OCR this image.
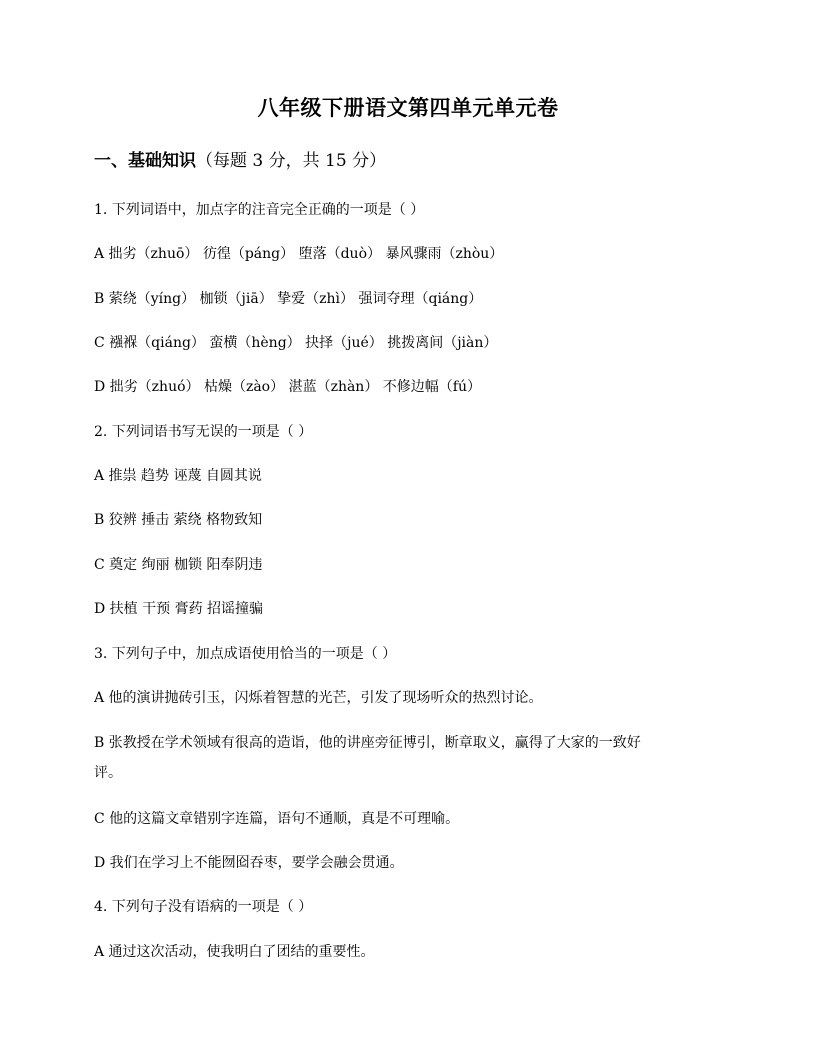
八年级下册语文第四单元单元卷
一、基础知识（每题 3 分，共 15 分）
1. 下列词语中，加点字的注音完全正确的一项是（ ）
A 拙劣（zhuō） 彷徨（páng） 堕落（duò） 暴风骤雨（zhòu）
B 萦绕（yíng） 枷锁（jiā） 挚爱（zhì） 强词夺理（qiáng）
C 襁褓（qiáng） 蛮横（hèng） 抉择（jué） 挑拨离间（jiàn）
D 拙劣（zhuó） 枯燥（zào） 湛蓝（zhàn） 不修边幅（fú）
2. 下列词语书写无误的一项是（ ）
A 推祟 趋势 诬蔑 自圆其说
B 狡辨 捶击 萦绕 格物致知
C 奠定 绚丽 枷锁 阳奉阴违
D 扶植 干预 膏药 招谣撞骗
3. 下列句子中，加点成语使用恰当的一项是（ ）
A 他的演讲抛砖引玉，闪烁着智慧的光芒，引发了现场听众的热烈讨论。
B 张教授在学术领域有很高的造诣，他的讲座旁征博引，断章取义，赢得了大家的一致好
评。
C 他的这篇文章错别字连篇，语句不通顺，真是不可理喻。
D 我们在学习上不能囫囵吞枣，要学会融会贯通。
4. 下列句子没有语病的一项是（ ）
A 通过这次活动，使我明白了团结的重要性。
